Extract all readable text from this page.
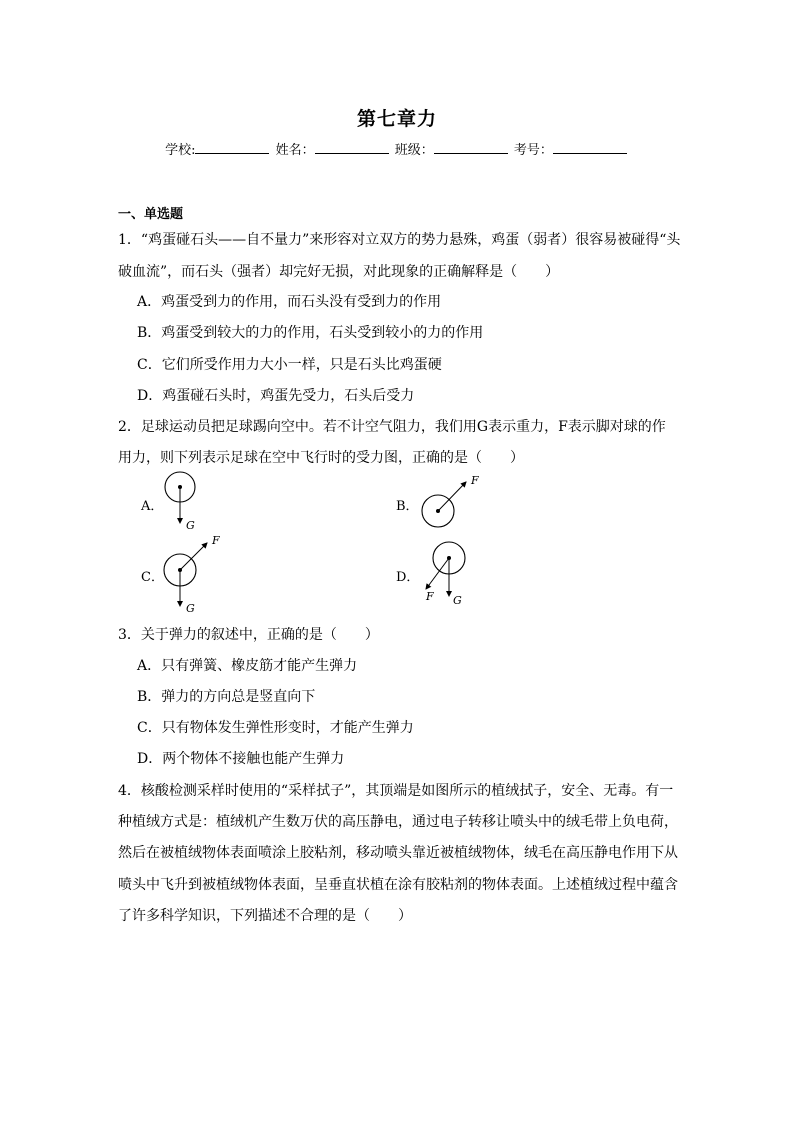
第七章力
学校:	姓名：	班级：	考号：
一、单选题
1．“鸡蛋碰石头——自不量力”来形容对立双方的势力悬殊，鸡蛋（弱者）很容易被碰得“头
破血流”，而石头（强者）却完好无损，对此现象的正确解释是（　　）
A．鸡蛋受到力的作用，而石头没有受到力的作用
B．鸡蛋受到较大的力的作用，石头受到较小的力的作用
C．它们所受作用力大小一样，只是石头比鸡蛋硬
D．鸡蛋碰石头时，鸡蛋先受力，石头后受力
2．足球运动员把足球踢向空中。若不计空气阻力，我们用G表示重力，F表示脚对球的作
用力，则下列表示足球在空中飞行时的受力图，正确的是（　　）
A．
G
B．
F
C．
F
G
D．
F G
3．关于弹力的叙述中，正确的是（　　）
A．只有弹簧、橡皮筋才能产生弹力
B．弹力的方向总是竖直向下
C．只有物体发生弹性形变时，才能产生弹力
D．两个物体不接触也能产生弹力
4．核酸检测采样时使用的“采样拭子”，其顶端是如图所示的植绒拭子，安全、无毒。有一
种植绒方式是：植绒机产生数万伏的高压静电，通过电子转移让喷头中的绒毛带上负电荷，
然后在被植绒物体表面喷涂上胶粘剂，移动喷头靠近被植绒物体，绒毛在高压静电作用下从
喷头中飞升到被植绒物体表面，呈垂直状植在涂有胶粘剂的物体表面。上述植绒过程中蕴含
了许多科学知识，下列描述不合理的是（　　）
